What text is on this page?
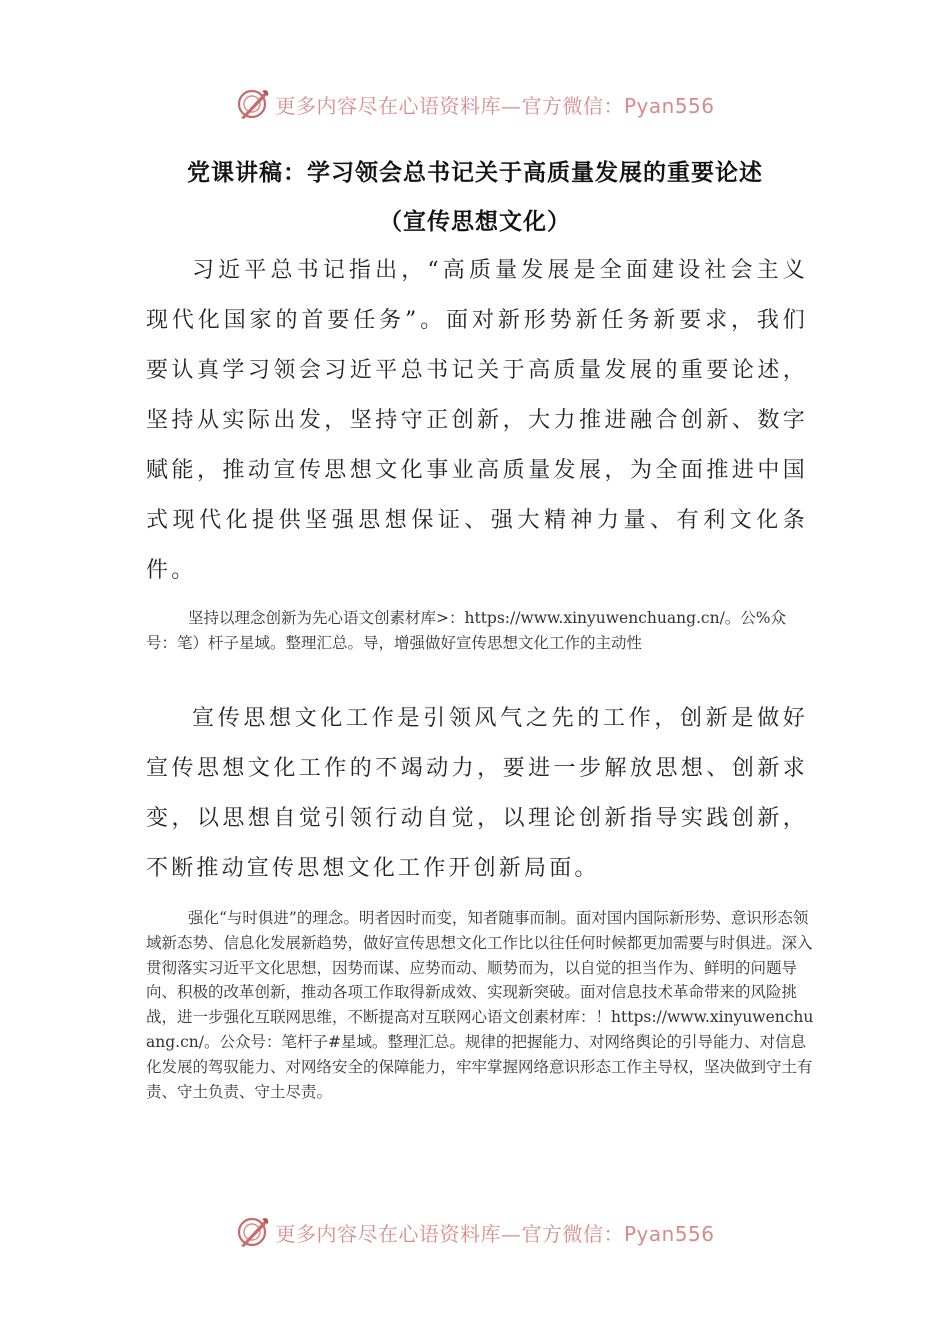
更多内容尽在心语资料库—官方微信：Pyan556
党课讲稿：学习领会总书记关于高质量发展的重要论述
（宣传思想文化）

习近平总书记指出，“高质量发展是全面建设社会主义现代化国家的首要任务”。面对新形势新任务新要求，我们要认真学习领会习近平总书记关于高质量发展的重要论述，坚持从实际出发，坚持守正创新，大力推进融合创新、数字赋能，推动宣传思想文化事业高质量发展，为全面推进中国式现代化提供坚强思想保证、强大精神力量、有利文化条件。

坚持以理念创新为先心语文创素材库>：https://www.xinyuwenchuang.cn/。公%众号：笔）杆子星域。整理汇总。导，增强做好宣传思想文化工作的主动性

宣传思想文化工作是引领风气之先的工作，创新是做好宣传思想文化工作的不竭动力，要进一步解放思想、创新求变，以思想自觉引领行动自觉，以理论创新指导实践创新，不断推动宣传思想文化工作开创新局面。

强化“与时俱进”的理念。明者因时而变，知者随事而制。面对国内国际新形势、意识形态领域新态势、信息化发展新趋势，做好宣传思想文化工作比以往任何时候都更加需要与时俱进。深入贯彻落实习近平文化思想，因势而谋、应势而动、顺势而为，以自觉的担当作为、鲜明的问题导向、积极的改革创新，推动各项工作取得新成效、实现新突破。面对信息技术革命带来的风险挑战，进一步强化互联网思维，不断提高对互联网心语文创素材库：！https://www.xinyuwenchuang.cn/。公众号：笔杆子#星域。整理汇总。规律的把握能力、对网络舆论的引导能力、对信息化发展的驾驭能力、对网络安全的保障能力，牢牢掌握网络意识形态工作主导权，坚决做到守土有责、守土负责、守土尽责。

更多内容尽在心语资料库—官方微信：Pyan556
